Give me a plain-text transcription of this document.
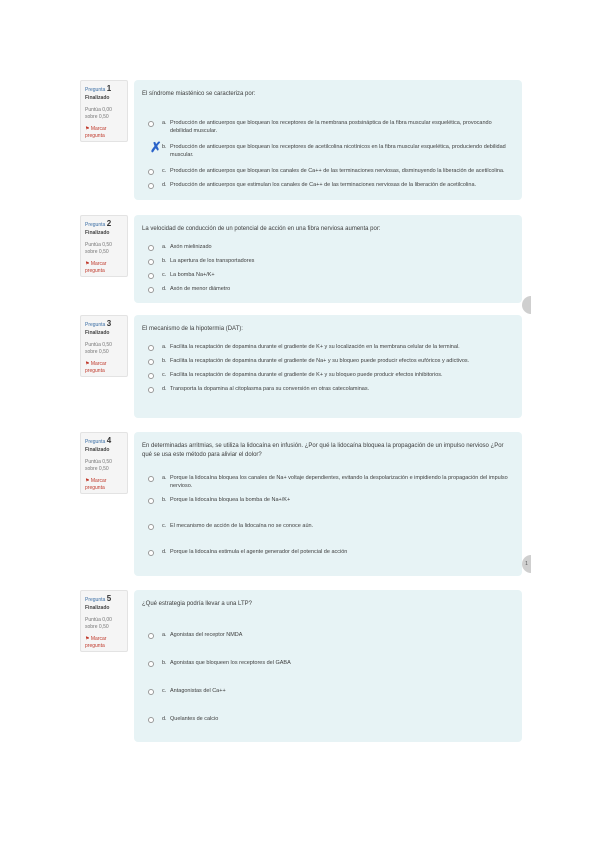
Pregunta 1
Finalizado
Puntúa 0,00 sobre 0,50
⚑ Marcar pregunta
El síndrome miasténico se caracteriza por:
a. Producción de anticuerpos que bloquean los receptores de la membrana postsináptica de la fibra muscular esquelética, provocando debilidad muscular.
✗ b. Producción de anticuerpos que bloquean los receptores de acetilcolina nicotínicos en la fibra muscular esquelética, produciendo debilidad muscular.
c. Producción de anticuerpos que bloquean los canales de Ca++ de las terminaciones nerviosas, disminuyendo la liberación de acetilcolina.
d. Producción de anticuerpos que estimulan los canales de Ca++ de las terminaciones nerviosas de la liberación de acetilcolina.
Pregunta 2
Finalizado
Puntúa 0,50 sobre 0,50
⚑ Marcar pregunta
La velocidad de conducción de un potencial de acción en una fibra nerviosa aumenta por:
a. Axón mielinizado
b. La apertura de los transportadores
c. La bomba Na+/K+
d. Axón de menor diámetro
Pregunta 3
Finalizado
Puntúa 0,50 sobre 0,50
⚑ Marcar pregunta
El mecanismo de la hipotermia (DAT):
a. Facilita la recaptación de dopamina durante el gradiente de K+ y su localización en la membrana celular de la terminal.
b. Facilita la recaptación de dopamina durante el gradiente de Na+ y su bloqueo puede producir efectos eufóricos y adictivos.
c. Facilita la recaptación de dopamina durante el gradiente de K+ y su bloqueo puede producir efectos inhibitorios.
d. Transporta la dopamina al citoplasma para su conversión en otras catecolaminas.
Pregunta 4
Finalizado
Puntúa 0,50 sobre 0,50
⚑ Marcar pregunta
En determinadas arritmias, se utiliza la lidocaína en infusión. ¿Por qué la lidocaína bloquea la propagación de un impulso nervioso ¿Por qué se usa este método para aliviar el dolor?
a. Porque la lidocaína bloquea los canales de Na+ voltaje dependientes, evitando la despolarización e impidiendo la propagación del impulso nervioso.
b. Porque la lidocaína bloquea la bomba de Na+/K+
c. El mecanismo de acción de la lidocaína no se conoce aún.
d. Porque la lidocaína estimula el agente generador del potencial de acción
1
Pregunta 5
Finalizado
Puntúa 0,00 sobre 0,50
⚑ Marcar pregunta
¿Qué estrategia podría llevar a una LTP?
a. Agonistas del receptor NMDA
b. Agonistas que bloqueen los receptores del GABA
c. Antagonistas del Ca++
d. Quelantes de calcio
